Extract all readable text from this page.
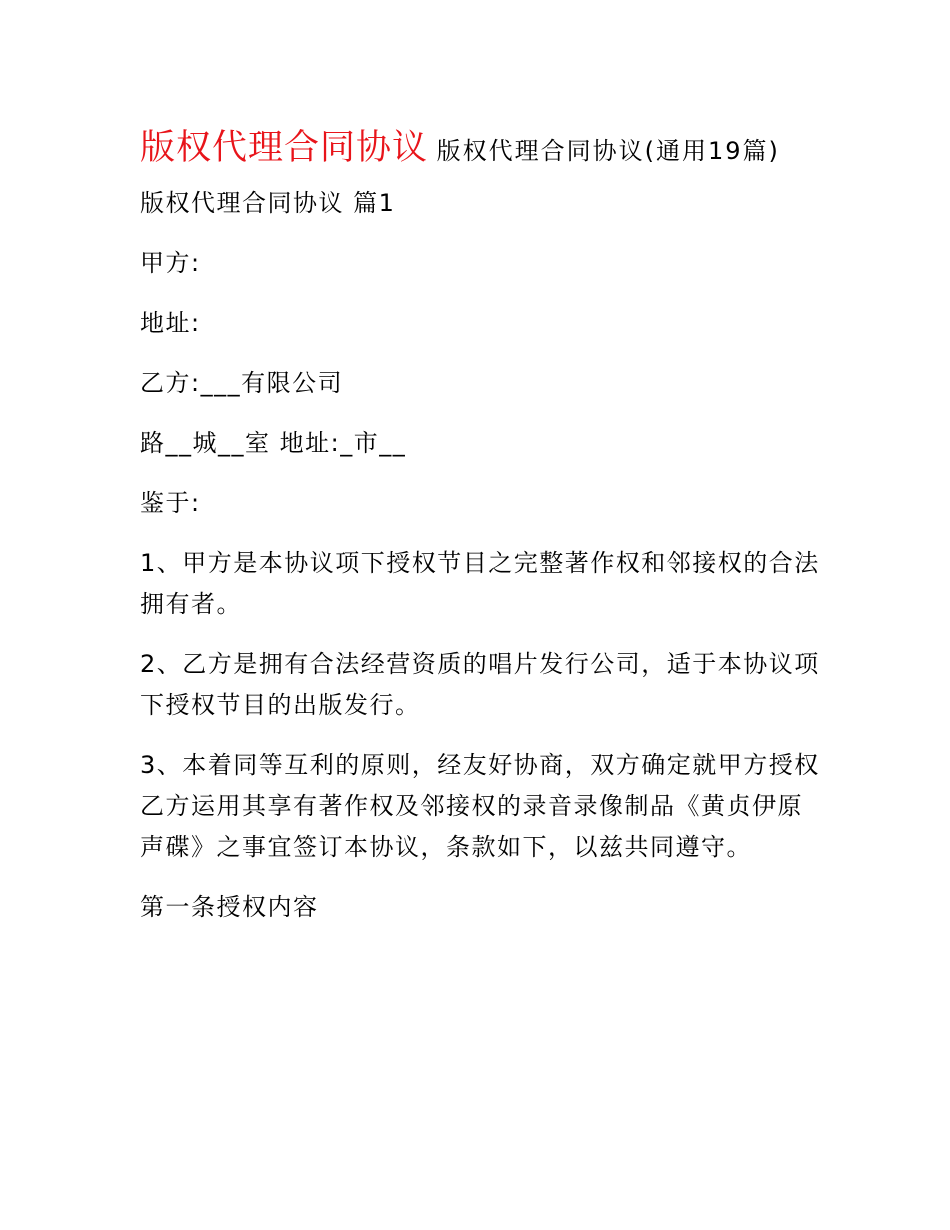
版权代理合同协议 版权代理合同协议(通用19篇)
版权代理合同协议 篇1
甲方:
地址:
乙方:___有限公司
路__城__室 地址:_市__
鉴于:
1、甲方是本协议项下授权节目之完整著作权和邻接权的合法拥有者。
2、乙方是拥有合法经营资质的唱片发行公司，适于本协议项下授权节目的出版发行。
3、本着同等互利的原则，经友好协商，双方确定就甲方授权乙方运用其享有著作权及邻接权的录音录像制品《黄贞伊原声碟》之事宜签订本协议，条款如下，以兹共同遵守。
第一条授权内容
